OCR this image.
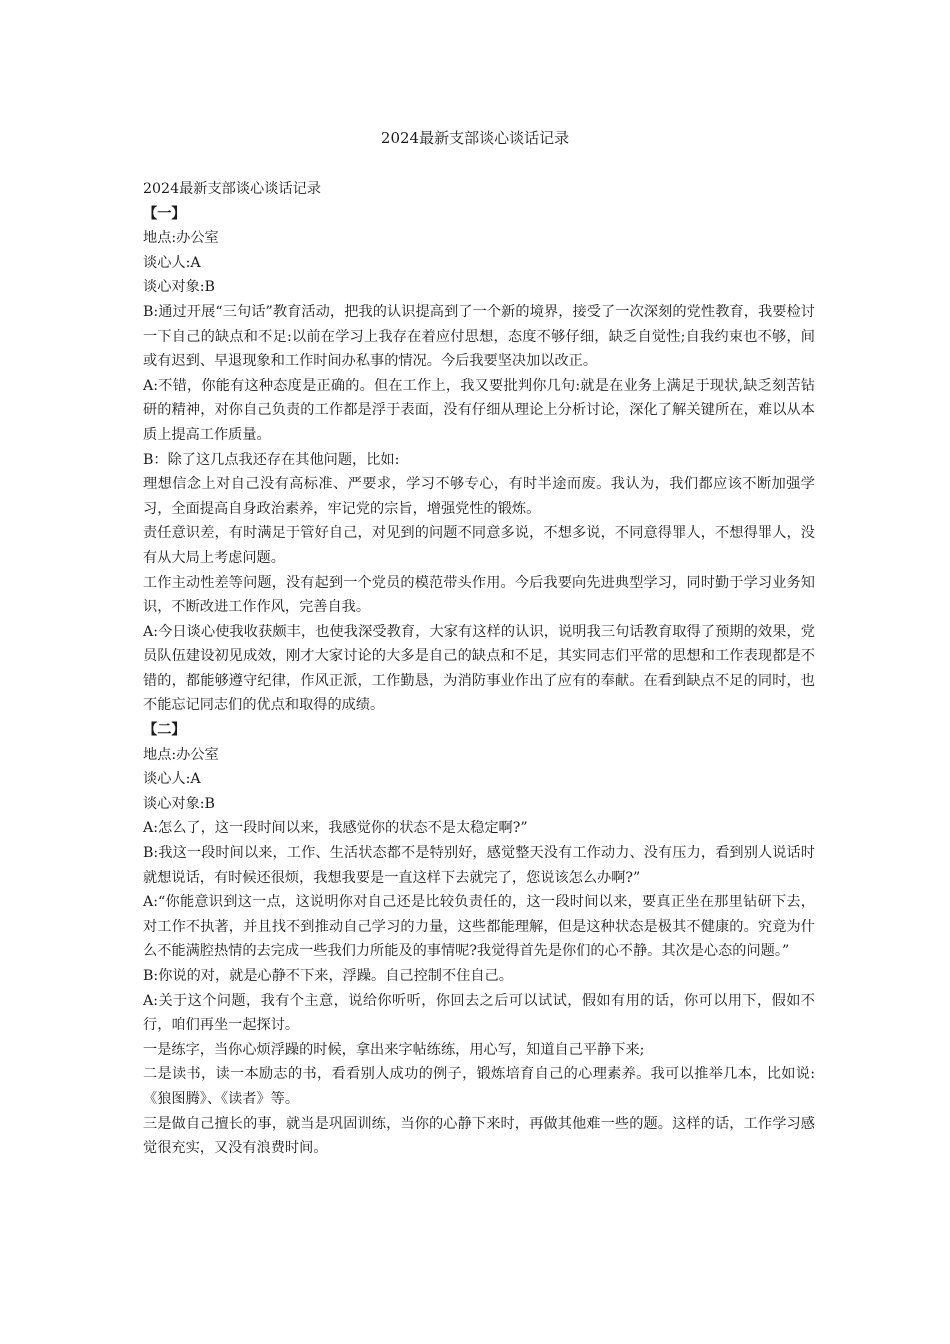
2024最新支部谈心谈话记录

2024最新支部谈心谈话记录

【一】

地点:办公室

谈心人:A

谈心对象:B

B:通过开展“三句话”教育活动，把我的认识提高到了一个新的境界，接受了一次深刻的党性教育，我要检讨一下自己的缺点和不足:以前在学习上我存在着应付思想，态度不够仔细，缺乏自觉性;自我约束也不够，间或有迟到、早退现象和工作时间办私事的情况。今后我要坚决加以改正。

A:不错，你能有这种态度是正确的。但在工作上，我又要批判你几句:就是在业务上满足于现状,缺乏刻苦钻研的精神，对你自己负责的工作都是浮于表面，没有仔细从理论上分析讨论，深化了解关键所在，难以从本质上提高工作质量。

B：除了这几点我还存在其他问题，比如:

理想信念上对自己没有高标准、严要求，学习不够专心，有时半途而废。我认为，我们都应该不断加强学习，全面提高自身政治素养，牢记党的宗旨，增强党性的锻炼。

责任意识差，有时满足于管好自己，对见到的问题不同意多说，不想多说，不同意得罪人，不想得罪人，没有从大局上考虑问题。

工作主动性差等问题，没有起到一个党员的模范带头作用。今后我要向先进典型学习，同时勤于学习业务知识，不断改进工作作风，完善自我。

A:今日谈心使我收获颇丰，也使我深受教育，大家有这样的认识，说明我三句话教育取得了预期的效果，党员队伍建设初见成效，刚才大家讨论的大多是自己的缺点和不足，其实同志们平常的思想和工作表现都是不错的，都能够遵守纪律，作风正派，工作勤恳，为消防事业作出了应有的奉献。在看到缺点不足的同时，也不能忘记同志们的优点和取得的成绩。

【二】

地点:办公室

谈心人:A

谈心对象:B

A:怎么了，这一段时间以来，我感觉你的状态不是太稳定啊?”

B:我这一段时间以来，工作、生活状态都不是特别好，感觉整天没有工作动力、没有压力，看到别人说话时就想说话，有时候还很烦，我想我要是一直这样下去就完了，您说该怎么办啊?”

A:“你能意识到这一点，这说明你对自己还是比较负责任的，这一段时间以来，要真正坐在那里钻研下去，对工作不执著，并且找不到推动自己学习的力量，这些都能理解，但是这种状态是极其不健康的。究竟为什么不能满腔热情的去完成一些我们力所能及的事情呢?我觉得首先是你们的心不静。其次是心态的问题。”

B:你说的对，就是心静不下来，浮躁。自己控制不住自己。

A:关于这个问题，我有个主意，说给你听听，你回去之后可以试试，假如有用的话，你可以用下，假如不行，咱们再坐一起探讨。

一是练字，当你心烦浮躁的时候，拿出来字帖练练，用心写，知道自己平静下来;

二是读书，读一本励志的书，看看别人成功的例子，锻炼培育自己的心理素养。我可以推举几本，比如说:《狼图腾》、《读者》等。

三是做自己擅长的事，就当是巩固训练，当你的心静下来时，再做其他难一些的题。这样的话，工作学习感觉很充实，又没有浪费时间。
